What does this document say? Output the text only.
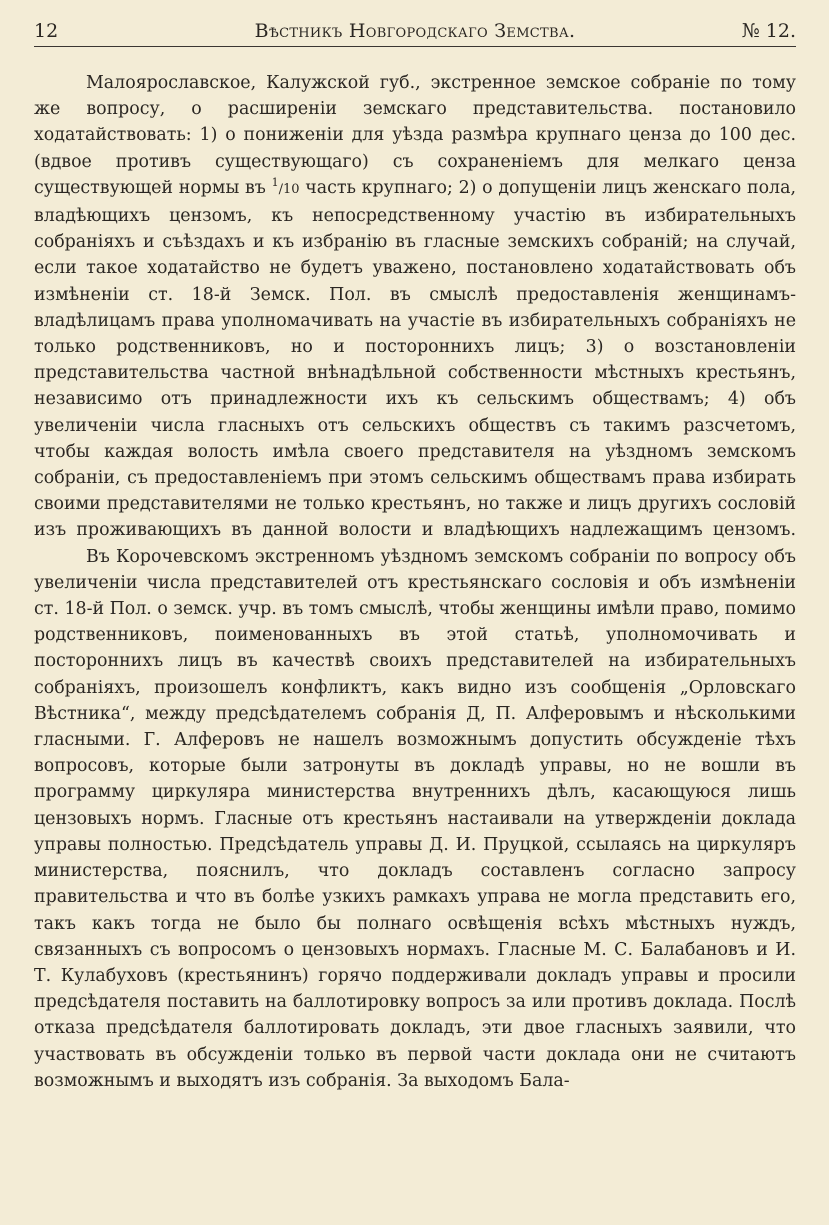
12	Вѣстникъ Новгородскаго Земства.	№ 12.

Малоярославское, Калужской губ., экстренное земское собраніе по тому же вопросу, о расширеніи земскаго представительства. постановило ходатайствовать: 1) о пониженіи для уѣзда размѣра крупнаго ценза до 100 дес. (вдвое противъ существующаго) съ сохраненіемъ для мелкаго ценза существующей нормы въ $^1$/10 часть крупнаго; 2) о допущеніи лицъ женскаго пола, владѣющихъ цензомъ, къ непосредственному участію въ избирательныхъ собраніяхъ и съѣздахъ и къ избранію въ гласные земскихъ собраній; на случай, если такое ходатайство не будетъ уважено, постановлено ходатайствовать объ измѣненіи ст. 18-й Земск. Пол. въ смыслѣ предоставленія женщинамъ-владѣлицамъ права уполномачивать на участіе въ избирательныхъ собраніяхъ не только родственниковъ, но и постороннихъ лицъ; 3) о возстановленіи представительства частной внѣнадѣльной собственности мѣстныхъ крестьянъ, независимо отъ принадлежности ихъ къ сельскимъ обществамъ; 4) объ увеличеніи числа гласныхъ отъ сельскихъ обществъ съ такимъ разсчетомъ, чтобы каждая волость имѣла своего представителя на уѣздномъ земскомъ собраніи, съ предоставленіемъ при этомъ сельскимъ обществамъ права избирать своими представителями не только крестьянъ, но также и лицъ другихъ сословій изъ проживающихъ въ данной волости и владѣющихъ надлежащимъ цензомъ.

Въ Корочевскомъ экстренномъ уѣздномъ земскомъ собраніи по вопросу объ увеличеніи числа представителей отъ крестьянскаго сословія и объ измѣненіи ст. 18-й Пол. о земск. учр. въ томъ смыслѣ, чтобы женщины имѣли право, помимо родственниковъ, поименованныхъ въ этой статьѣ, уполномочивать и постороннихъ лицъ въ качествѣ своихъ представителей на избирательныхъ собраніяхъ, произошелъ конфликтъ, какъ видно изъ сообщенія „Орловскаго Вѣстника“, между предсѣдателемъ собранія Д, П. Алферовымъ и нѣсколькими гласными. Г. Алферовъ не нашелъ возможнымъ допустить обсужденіе тѣхъ вопросовъ, которые были затронуты въ докладѣ управы, но не вошли въ программу циркуляра министерства внутреннихъ дѣлъ, касающуюся лишь цензовыхъ нормъ. Гласные отъ крестьянъ настаивали на утвержденіи доклада управы полностью. Предсѣдатель управы Д. И. Пруцкой, ссылаясь на циркуляръ министерства, пояснилъ, что докладъ составленъ согласно запросу правительства и что въ болѣе узкихъ рамкахъ управа не могла представить его, такъ какъ тогда не было бы полнаго освѣщенія всѣхъ мѣстныхъ нуждъ, связанныхъ съ вопросомъ о цензовыхъ нормахъ. Гласные М. С. Балабановъ и И. Т. Кулабуховъ (крестьянинъ) горячо поддерживали докладъ управы и просили предсѣдателя поставить на баллотировку вопросъ за или противъ доклада. Послѣ отказа предсѣдателя баллотировать докладъ, эти двое гласныхъ заявили, что участвовать въ обсужденіи только въ первой части доклада они не считаютъ возможнымъ и выходятъ изъ собранія. За выходомъ Бала-
